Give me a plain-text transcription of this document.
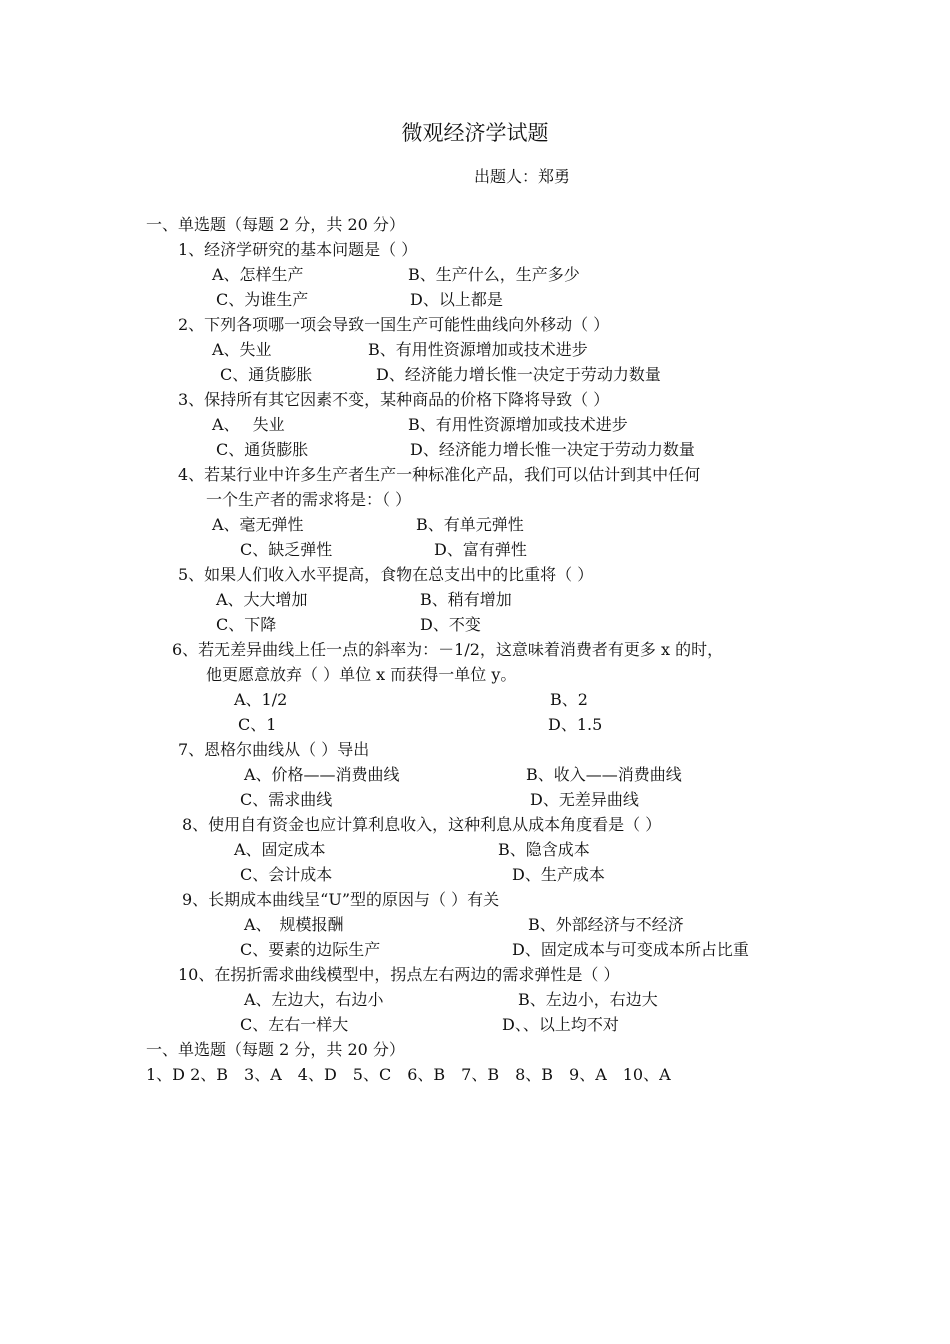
微观经济学试题
出题人：郑勇
一、单选题（每题 2 分，共 20 分）
1、经济学研究的基本问题是（ ）
A、怎样生产	B、生产什么，生产多少
C、为谁生产	D、以上都是
2、下列各项哪一项会导致一国生产可能性曲线向外移动（ ）
A、失业	B、有用性资源增加或技术进步
C、通货膨胀	D、经济能力增长惟一决定于劳动力数量
3、保持所有其它因素不变，某种商品的价格下降将导致（ ）
A、　 失业	B、有用性资源增加或技术进步
C、通货膨胀	D、经济能力增长惟一决定于劳动力数量
4、若某行业中许多生产者生产一种标准化产品，我们可以估计到其中任何
一个生产者的需求将是：（ ）
A、毫无弹性	B、有单元弹性
C、缺乏弹性	D、富有弹性
5、如果人们收入水平提高，食物在总支出中的比重将（ ）
A、大大增加	B、稍有增加
C、下降	D、不变
6、若无差异曲线上任一点的斜率为：－1/2，这意味着消费者有更多 x 的时，
他更愿意放弃（ ）单位 x 而获得一单位 y。
A、1/2	B、2
C、1	D、1.5
7、恩格尔曲线从（ ）导出
A、价格——消费曲线	B、收入——消费曲线
C、需求曲线	D、无差异曲线
8、使用自有资金也应计算利息收入，这种利息从成本角度看是（ ）
A、固定成本	B、隐含成本
C、会计成本	D、生产成本
9、长期成本曲线呈“U”型的原因与（ ）有关
A、　规模报酬	B、外部经济与不经济
C、要素的边际生产	D、固定成本与可变成本所占比重
10、在拐折需求曲线模型中，拐点左右两边的需求弹性是（ ）
A、左边大，右边小	B、左边小，右边大
C、左右一样大	D、、以上均不对
一、单选题（每题 2 分，共 20 分）
1、D 2、B　3、A　4、D　5、C　6、B　7、B　8、B　9、A　10、A
